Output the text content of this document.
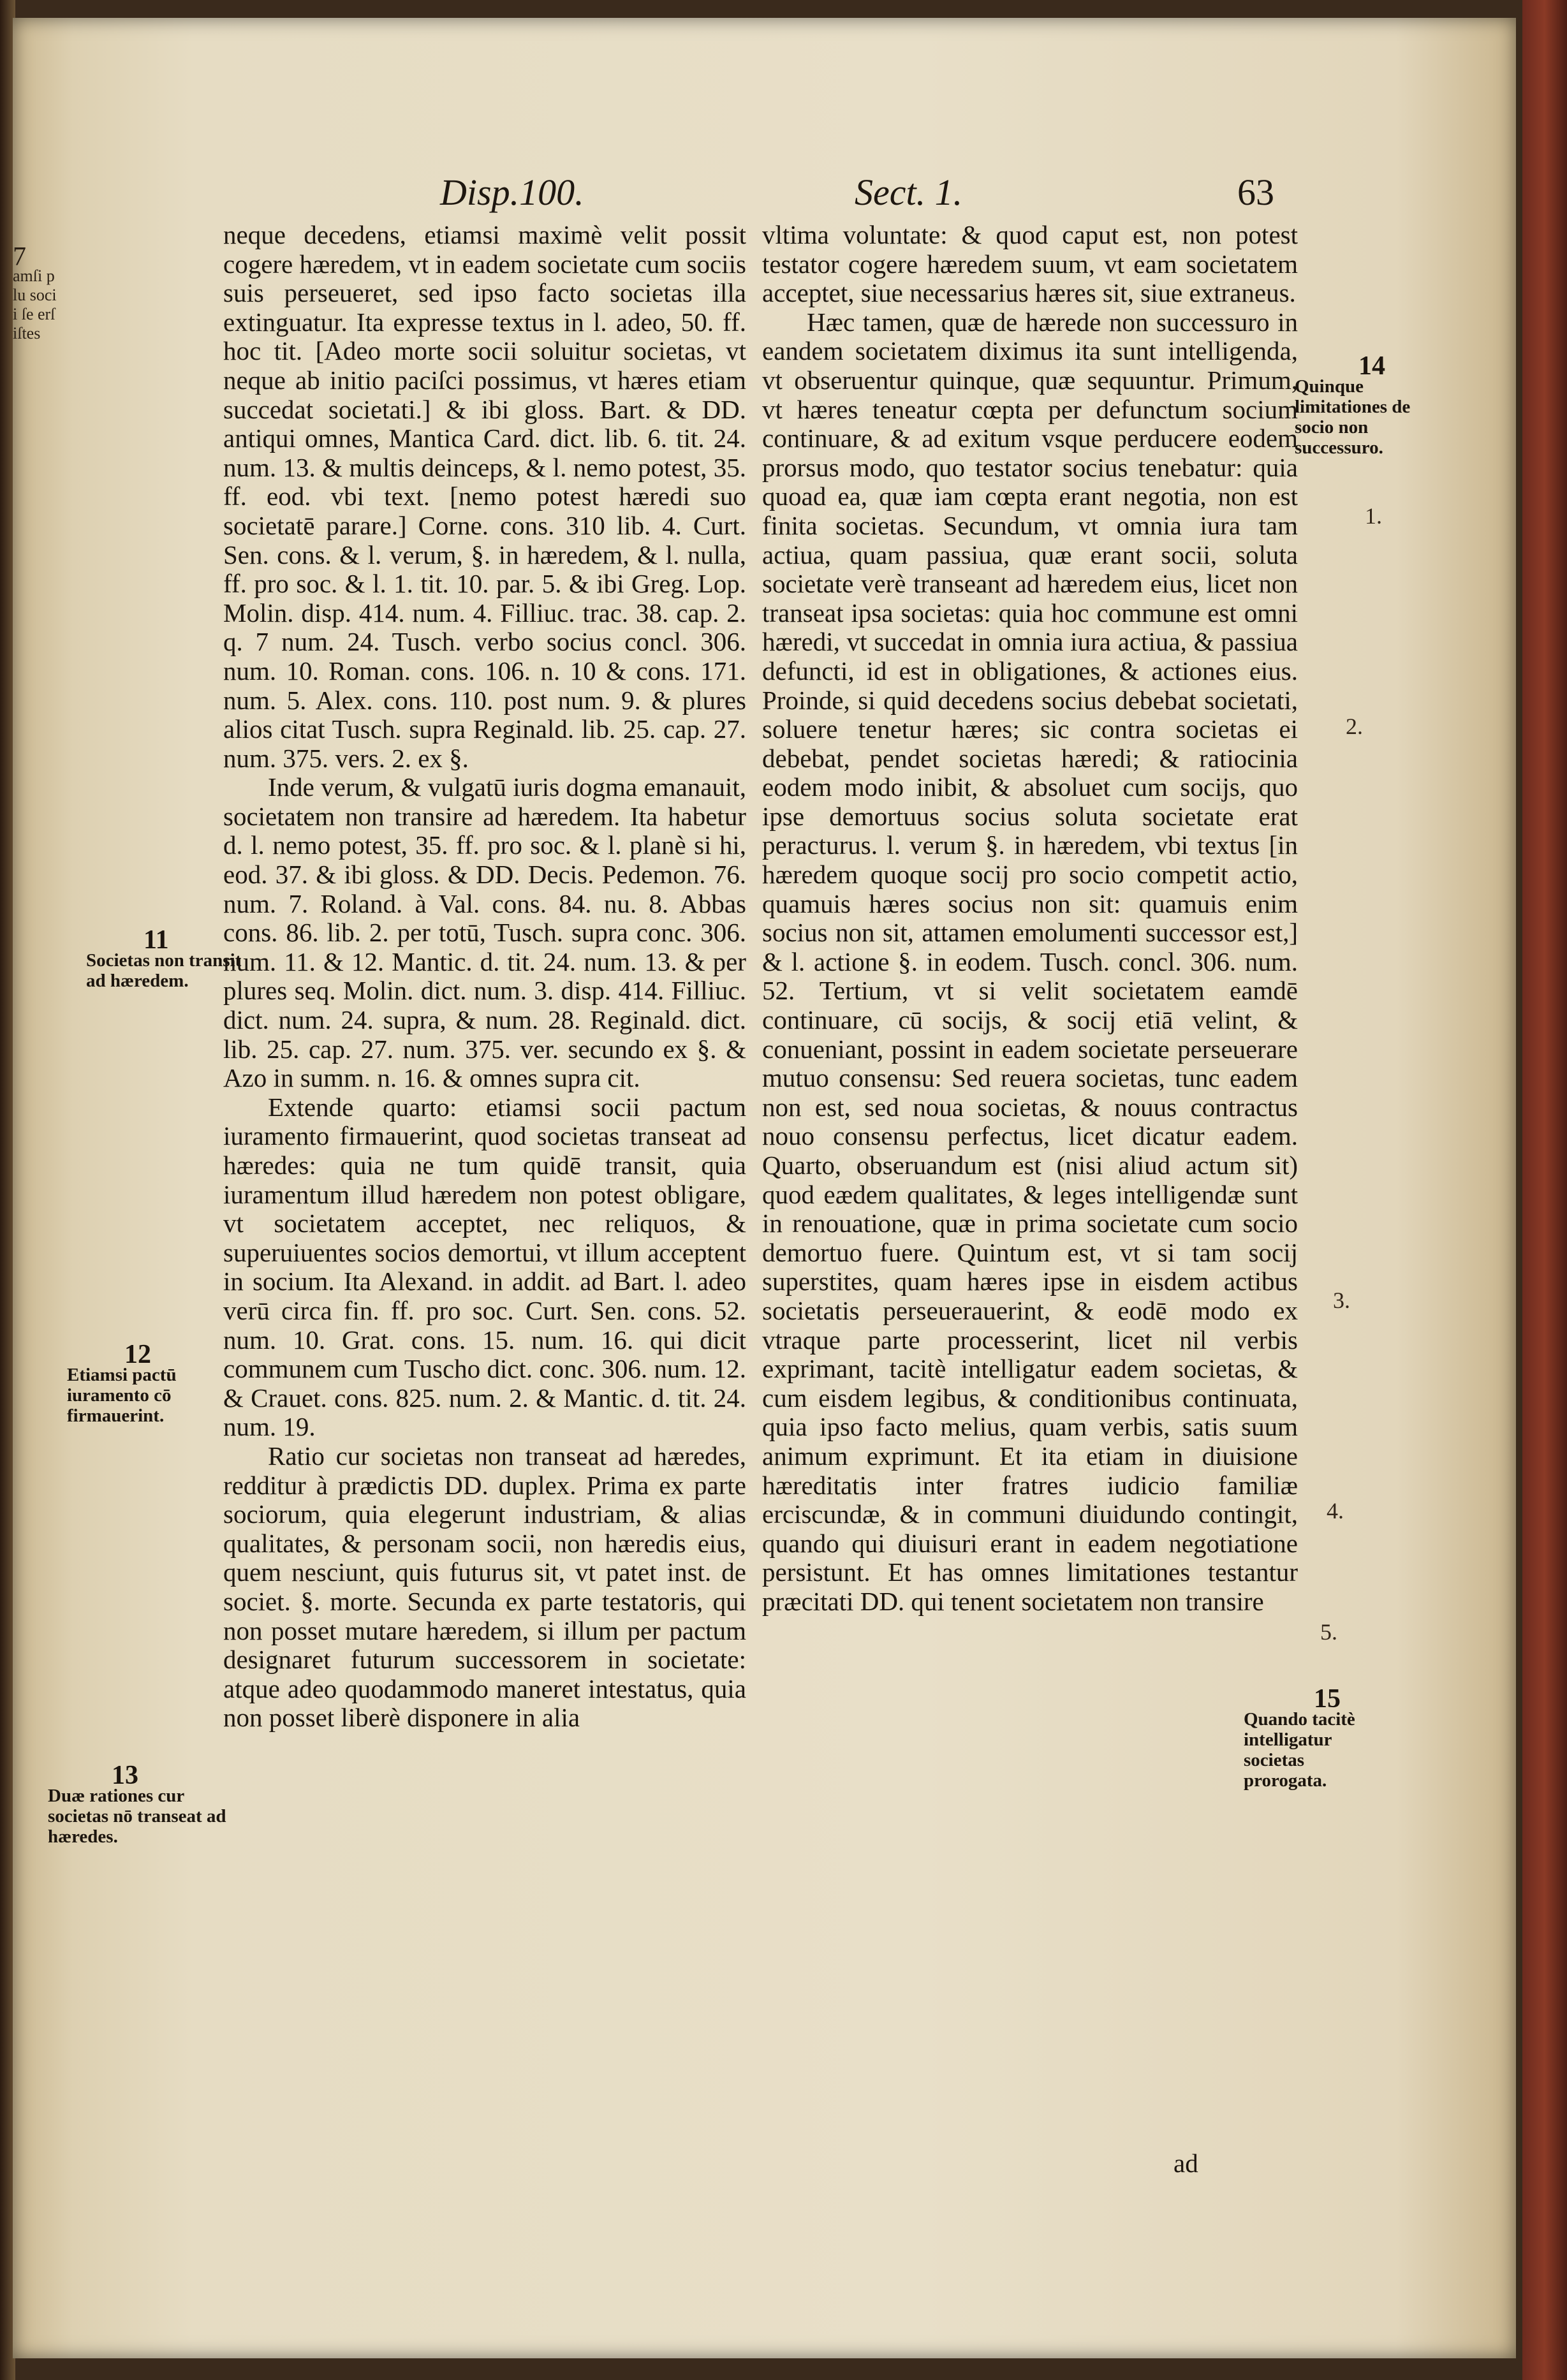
7
amſi plu socii ſe erſiſtes
Disp.100.	Sect. 1.	63

neque decedens, etiamsi maximè velit possit cogere hæredem, vt in eadem societate cum sociis suis perseueret, sed ipso facto societas illa extinguatur. Ita expresse textus in l. adeo, 50. ff. hoc tit. [Adeo morte socii soluitur societas, vt neque ab initio paciſci possimus, vt hæres etiam succedat societati.] & ibi gloss. Bart. & DD. antiqui omnes, Mantica Card. dict. lib. 6. tit. 24. num. 13. & multis deinceps, & l. nemo potest, 35. ff. eod. vbi text. [nemo potest hæredi suo societatē parare.] Corne. cons. 310 lib. 4. Curt. Sen. cons. & l. verum, §. in hæredem, & l. nulla, ff. pro soc. & l. 1. tit. 10. par. 5. & ibi Greg. Lop. Molin. disp. 414. num. 4. Filliuc. trac. 38. cap. 2. q. 7 num. 24. Tusch. verbo socius concl. 306. num. 10. Roman. cons. 106. n. 10 & cons. 171. num. 5. Alex. cons. 110. post num. 9. & plures alios citat Tusch. supra Reginald. lib. 25. cap. 27. num. 375. vers. 2. ex §.

Inde verum, & vulgatū iuris dogma emanauit, societatem non transire ad hæredem. Ita habetur d. l. nemo potest, 35. ff. pro soc. & l. planè si hi, eod. 37. & ibi gloss. & DD. Decis. Pedemon. 76. num. 7. Roland. à Val. cons. 84. nu. 8. Abbas cons. 86. lib. 2. per totū, Tusch. supra conc. 306. num. 11. & 12. Mantic. d. tit. 24. num. 13. & per plures seq. Molin. dict. num. 3. disp. 414. Filliuc. dict. num. 24. supra, & num. 28. Reginald. dict. lib. 25. cap. 27. num. 375. ver. secundo ex §. & Azo in summ. n. 16. & omnes supra cit.

Extende quarto: etiamsi socii pactum iuramento firmauerint, quod societas transeat ad hæredes: quia ne tum quidē transit, quia iuramentum illud hæredem non potest obligare, vt societatem acceptet, nec reliquos, & superuiuentes socios demortui, vt illum acceptent in socium. Ita Alexand. in addit. ad Bart. l. adeo verū circa fin. ff. pro soc. Curt. Sen. cons. 52. num. 10. Grat. cons. 15. num. 16. qui dicit communem cum Tuscho dict. conc. 306. num. 12. & Crauet. cons. 825. num. 2. & Mantic. d. tit. 24. num. 19.

Ratio cur societas non transeat ad hæredes, redditur à prædictis DD. duplex. Prima ex parte sociorum, quia elegerunt industriam, & alias qualitates, & personam socii, non hæredis eius, quem nesciunt, quis futurus sit, vt patet inst. de societ. §. morte. Secunda ex parte testatoris, qui non posset mutare hæredem, si illum per pactum designaret futurum successorem in societate: atque adeo quodammodo maneret intestatus, quia non posset liberè disponere in alia

vltima voluntate: & quod caput est, non potest testator cogere hæredem suum, vt eam societatem acceptet, siue necessarius hæres sit, siue extraneus.

Hæc tamen, quæ de hærede non successuro in eandem societatem diximus ita sunt intelligenda, vt obseruentur quinque, quæ sequuntur. Primum, vt hæres teneatur cœpta per defunctum socium continuare, & ad exitum vsque perducere eodem prorsus modo, quo testator socius tenebatur: quia quoad ea, quæ iam cœpta erant negotia, non est finita societas. Secundum, vt omnia iura tam actiua, quam passiua, quæ erant socii, soluta societate verè transeant ad hæredem eius, licet non transeat ipsa societas: quia hoc commune est omni hæredi, vt succedat in omnia iura actiua, & passiua defuncti, id est in obligationes, & actiones eius. Proinde, si quid decedens socius debebat societati, soluere tenetur hæres; sic contra societas ei debebat, pendet societas hæredi; & ratiocinia eodem modo inibit, & absoluet cum socijs, quo ipse demortuus socius soluta societate erat peracturus. l. verum §. in hæredem, vbi textus [in hæredem quoque socij pro socio competit actio, quamuis hæres socius non sit: quamuis enim socius non sit, attamen emolumenti successor est,] & l. actione §. in eodem. Tusch. concl. 306. num. 52. Tertium, vt si velit societatem eamdē continuare, cū socijs, & socij etiā velint, & conueniant, possint in eadem societate perseuerare mutuo consensu: Sed reuera societas, tunc eadem non est, sed noua societas, & nouus contractus nouo consensu perfectus, licet dicatur eadem. Quarto, obseruandum est (nisi aliud actum sit) quod eædem qualitates, & leges intelligendæ sunt in renouatione, quæ in prima societate cum socio demortuo fuere. Quintum est, vt si tam socij superstites, quam hæres ipse in eisdem actibus societatis perseuerauerint, & eodē modo ex vtraque parte processerint, licet nil verbis exprimant, tacitè intelligatur eadem societas, & cum eisdem legibus, & conditionibus continuata, quia ipso facto melius, quam verbis, satis suum animum exprimunt. Et ita etiam in diuisione hæreditatis inter fratres iudicio familiæ erciscundæ, & in communi diuidundo contingit, quando qui diuisuri erant in eadem negotiatione persistunt. Et has omnes limitationes testantur præcitati DD. qui tenent societatem non transire

ad
11
Societas non transit ad hæredem.
12
Etiamsi pactū iuramento cō firmauerint.
13
Duæ rationes cur societas nō transeat ad hæredes.
14
Quinque limitationes de socio non successuro.
15
Quando tacitè intelligatur societas prorogata.
1.
2.
3.
4.
5.
